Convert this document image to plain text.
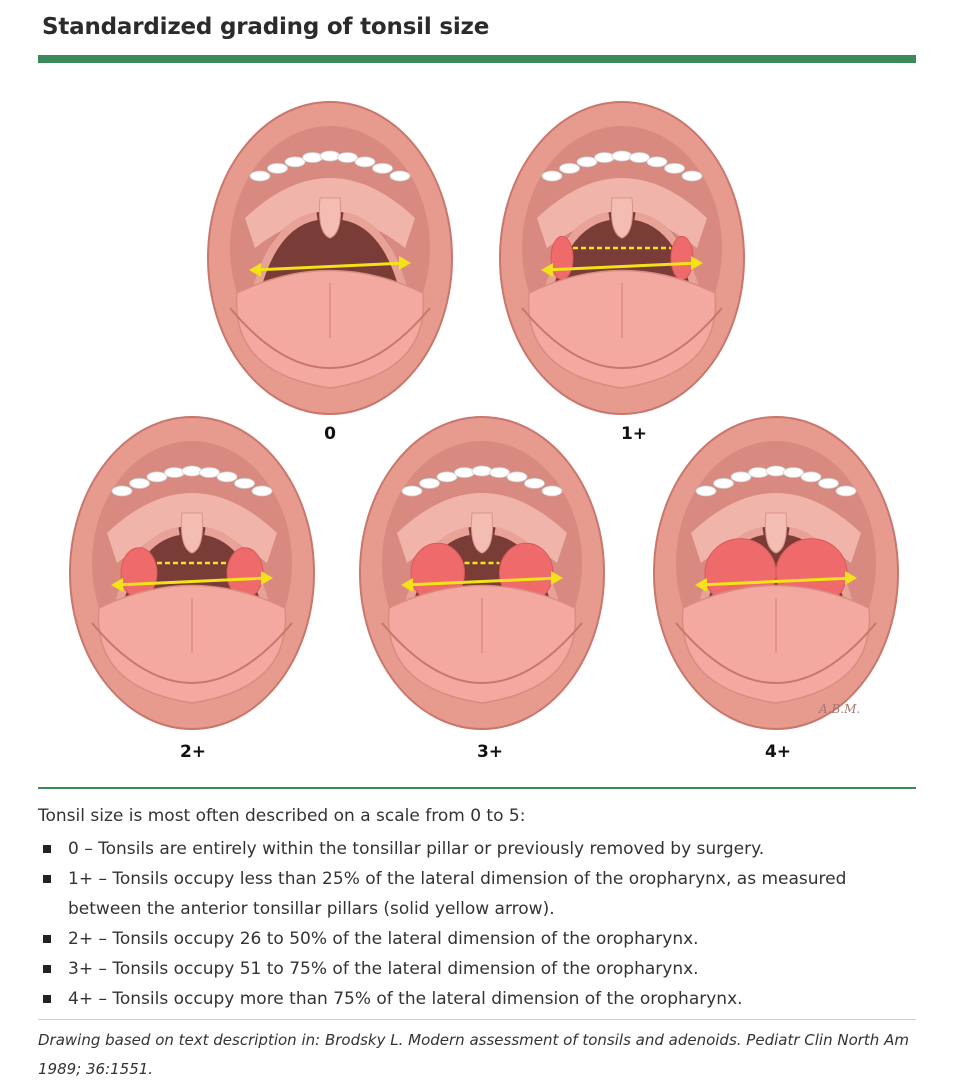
Standardized grading of tonsil size
A.B.M.
0	1+
2+	3+	4+
Tonsil size is most often described on a scale from 0 to 5:
0 – Tonsils are entirely within the tonsillar pillar or previously removed by surgery.
1+ – Tonsils occupy less than 25% of the lateral dimension of the oropharynx, as measured between the anterior tonsillar pillars (solid yellow arrow).
2+ – Tonsils occupy 26 to 50% of the lateral dimension of the oropharynx.
3+ – Tonsils occupy 51 to 75% of the lateral dimension of the oropharynx.
4+ – Tonsils occupy more than 75% of the lateral dimension of the oropharynx.
Drawing based on text description in: Brodsky L. Modern assessment of tonsils and adenoids. Pediatr Clin North Am 1989; 36:1551.
